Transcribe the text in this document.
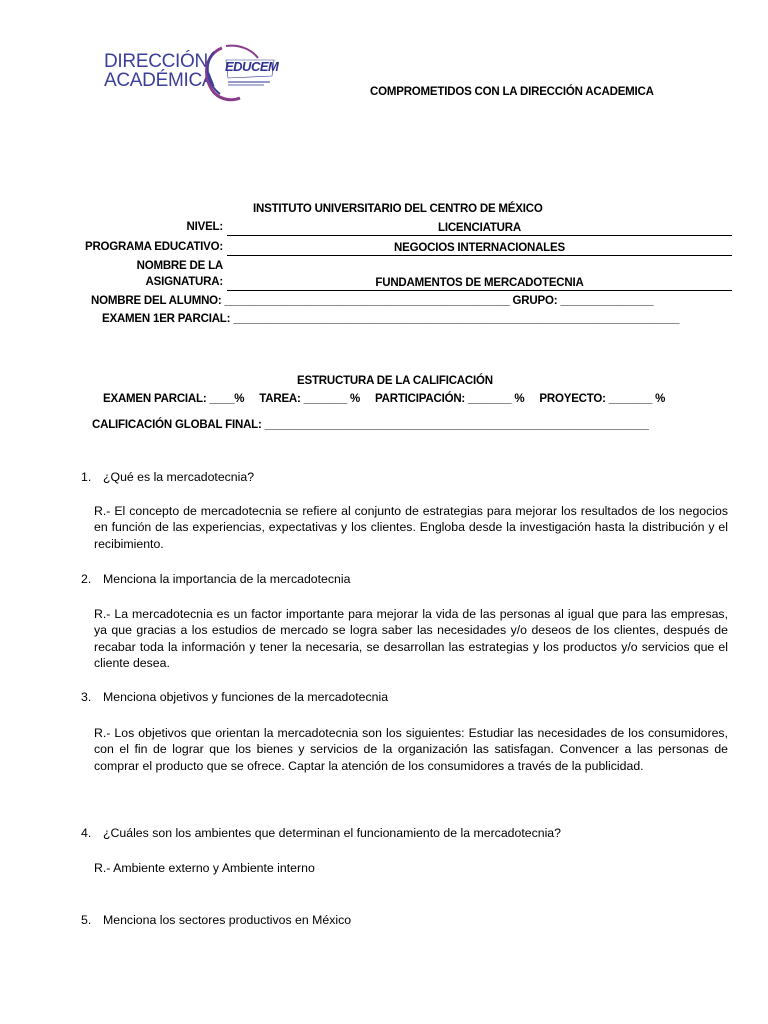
DIRECCIÓN
ACADÉMICA
EDUCEM
COMPROMETIDOS CON LA DIRECCIÓN ACADEMICA
INSTITUTO UNIVERSITARIO DEL CENTRO DE MÉXICO
NIVEL:	LICENCIATURA
PROGRAMA EDUCATIVO:	NEGOCIOS INTERNACIONALES
NOMBRE DE LA
ASIGNATURA:	FUNDAMENTOS DE MERCADOTECNIA
NOMBRE DEL ALUMNO: ______________________________________________ GRUPO: _______________
EXAMEN 1ER PARCIAL: ________________________________________________________________________
ESTRUCTURA DE LA CALIFICACIÓN
EXAMEN PARCIAL: ____%     TAREA: _______ %     PARTICIPACIÓN: _______ %     PROYECTO: _______ %
CALIFICACIÓN GLOBAL FINAL: ______________________________________________________________
1. ¿Qué es la mercadotecnia?
R.- El concepto de mercadotecnia se refiere al conjunto de estrategias para mejorar los resultados de los negocios en función de las experiencias, expectativas y los clientes. Engloba desde la investigación hasta la distribución y el recibimiento.
2. Menciona la importancia de la mercadotecnia
R.- La mercadotecnia es un factor importante para mejorar la vida de las personas al igual que para las empresas, ya que gracias a los estudios de mercado se logra saber las necesidades y/o deseos de los clientes, después de recabar toda la información y tener la necesaria, se desarrollan las estrategias y los productos y/o servicios que el cliente desea.
3. Menciona objetivos y funciones de la mercadotecnia
R.- Los objetivos que orientan la mercadotecnia son los siguientes: Estudiar las necesidades de los consumidores, con el fin de lograr que los bienes y servicios de la organización las satisfagan. Convencer a las personas de comprar el producto que se ofrece. Captar la atención de los consumidores a través de la publicidad.
4. ¿Cuáles son los ambientes que determinan el funcionamiento de la mercadotecnia?
R.- Ambiente externo y Ambiente interno
5. Menciona los sectores productivos en México
